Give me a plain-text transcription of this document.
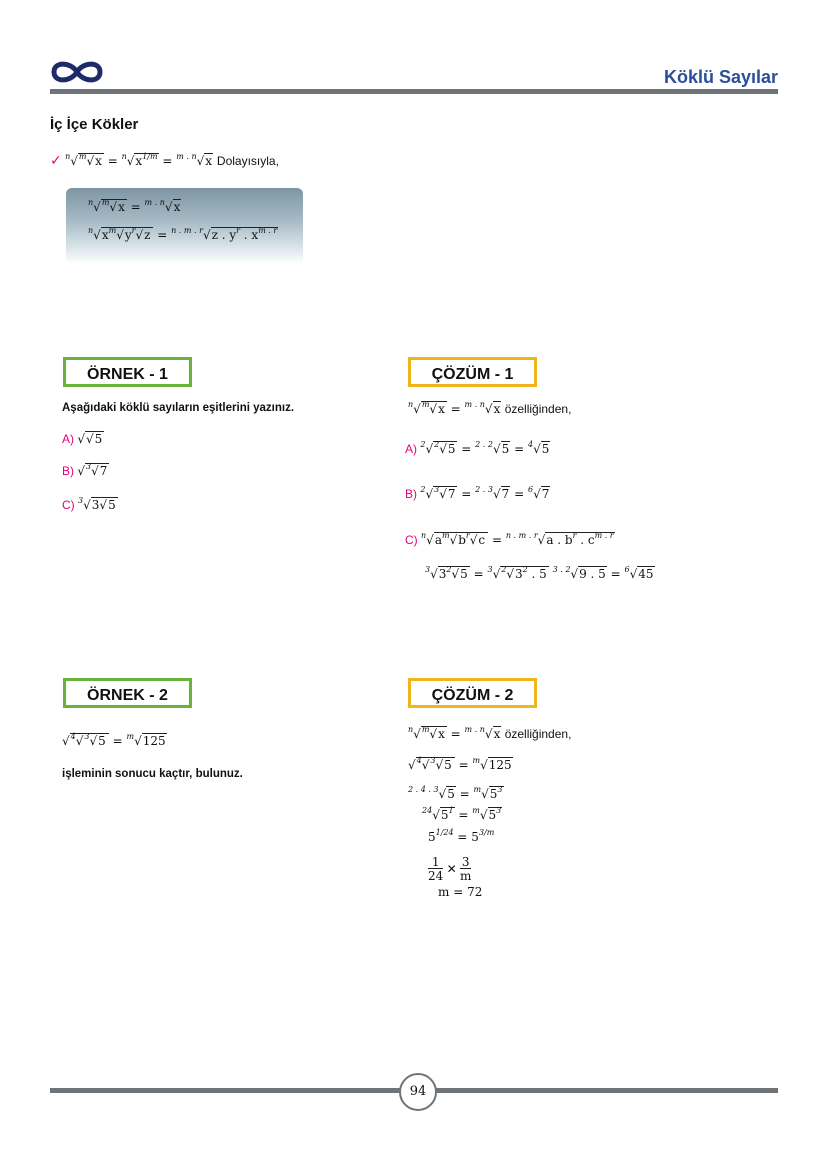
Köklü Sayılar
İç İçe Kökler
✓ $^n√^m√x = ^n√x^{1/m} = ^{m . n}√x$ Dolayısıyla,
$^n$√$^m$√x = $^{m . n}$√x
$^n√x^m√y^r√z = ^{n . m . r}√z$ . $y^r$ . $x^{m . r}$
ÖRNEK - 1
Aşağıdaki köklü sayıların eşitlerini yazınız.
A) √√5
B) √$^3$√7
C) $^3$√3√5
ÇÖZÜM - 1
$^n$√$^m$√x = $^{m . n}$√x özelliğinden,
A) $^2$√$^2$√5 = $^{2 . 2}$√5 = $^4$√5
B) $^2$√$^3$√7 = $^{2 . 3}$√7 = $^6$√7
C) $^n√a^m√b^r√c = ^{n . m . r}√a$ . $b^r$ . $c^{m . r}$
$^3√3^2√5 = ^3√^2√3^2$ . 5 $^{3 . 2}$√9 . 5 = $^6$√45
ÖRNEK - 2
√$^4$√$^3$√5 = $^m$√125
işleminin sonucu kaçtır, bulunuz.
ÇÖZÜM - 2
$^n$√$^m$√x = $^{m . n}$√x özelliğinden,
√$^4$√$^3$√5 = $^m$√125
$^{2 . 4 . 3}√5 = ^m√5^3$
$^{24}√5^1 = ^m√5^3$
$5^{1/24} = 5^{3/m}$
1
24 ✕ 3
m
m = 72
94
